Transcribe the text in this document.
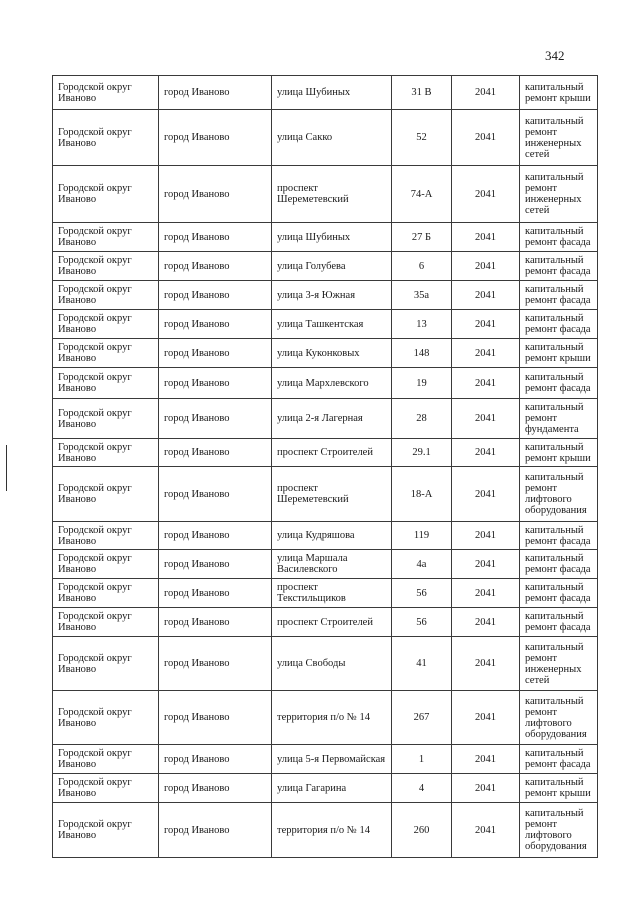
342
Городской округ Иваново	город Иваново	улица Шубиных	31 В	2041	капитальный ремонт крыши
Городской округ Иваново	город Иваново	улица Сакко	52	2041	капитальный ремонт инженерных сетей
Городской округ Иваново	город Иваново	проспект Шереметевский	74-А	2041	капитальный ремонт инженерных сетей
Городской округ Иваново	город Иваново	улица Шубиных	27 Б	2041	капитальный ремонт фасада
Городской округ Иваново	город Иваново	улица Голубева	6	2041	капитальный ремонт фасада
Городской округ Иваново	город Иваново	улица 3-я Южная	35а	2041	капитальный ремонт фасада
Городской округ Иваново	город Иваново	улица Ташкентская	13	2041	капитальный ремонт фасада
Городской округ Иваново	город Иваново	улица Куконковых	148	2041	капитальный ремонт крыши
Городской округ Иваново	город Иваново	улица Мархлевского	19	2041	капитальный ремонт фасада
Городской округ Иваново	город Иваново	улица 2-я Лагерная	28	2041	капитальный ремонт фундамента
Городской округ Иваново	город Иваново	проспект Строителей	29.1	2041	капитальный ремонт крыши
Городской округ Иваново	город Иваново	проспект Шереметевский	18-А	2041	капитальный ремонт лифтового оборудования
Городской округ Иваново	город Иваново	улица Кудряшова	119	2041	капитальный ремонт фасада
Городской округ Иваново	город Иваново	улица Маршала Василевского	4а	2041	капитальный ремонт фасада
Городской округ Иваново	город Иваново	проспект Текстильщиков	56	2041	капитальный ремонт фасада
Городской округ Иваново	город Иваново	проспект Строителей	56	2041	капитальный ремонт фасада
Городской округ Иваново	город Иваново	улица Свободы	41	2041	капитальный ремонт инженерных сетей
Городской округ Иваново	город Иваново	территория п/о № 14	267	2041	капитальный ремонт лифтового оборудования
Городской округ Иваново	город Иваново	улица 5-я Первомайская	1	2041	капитальный ремонт фасада
Городской округ Иваново	город Иваново	улица Гагарина	4	2041	капитальный ремонт крыши
Городской округ Иваново	город Иваново	территория п/о № 14	260	2041	капитальный ремонт лифтового оборудования
